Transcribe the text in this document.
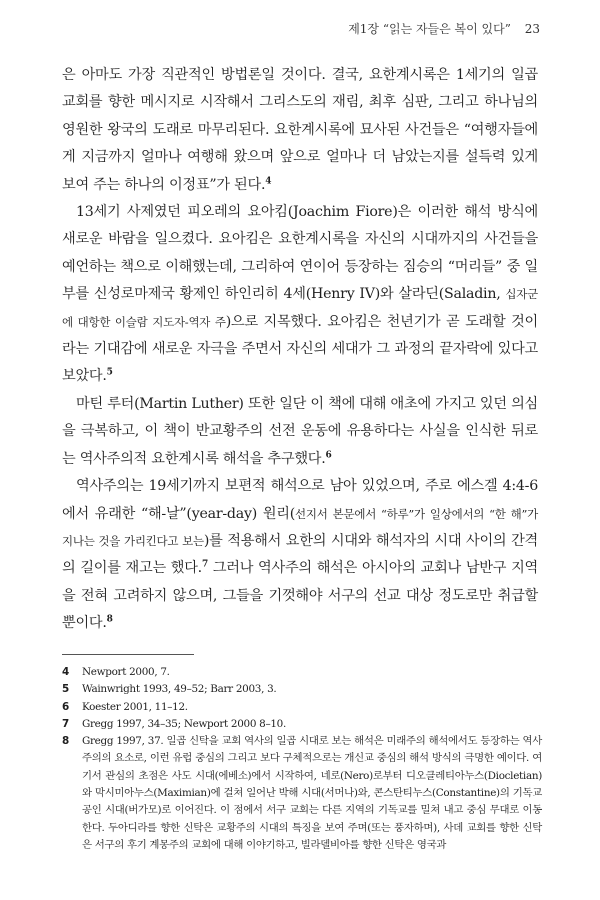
제1장 “읽는 자들은 복이 있다” 23

은 아마도 가장 직관적인 방법론일 것이다. 결국, 요한계시록은 1세기의 일곱 교회를 향한 메시지로 시작해서 그리스도의 재림, 최후 심판, 그리고 하나님의 영원한 왕국의 도래로 마무리된다. 요한계시록에 묘사된 사건들은 “여행자들에게 지금까지 얼마나 여행해 왔으며 앞으로 얼마나 더 남았는지를 설득력 있게 보여 주는 하나의 이정표”가 된다.$^4$

13세기 사제였던 피오레의 요아킴(Joachim Fiore)은 이러한 해석 방식에 새로운 바람을 일으켰다. 요아킴은 요한계시록을 자신의 시대까지의 사건들을 예언하는 책으로 이해했는데, 그리하여 연이어 등장하는 짐승의 “머리들” 중 일부를 신성로마제국 황제인 하인리히 4세(Henry IV)와 살라딘(Saladin, 십자군에 대항한 이슬람 지도자-역자 주)으로 지목했다. 요아킴은 천년기가 곧 도래할 것이라는 기대감에 새로운 자극을 주면서 자신의 세대가 그 과정의 끝자락에 있다고 보았다.$^5$

마틴 루터(Martin Luther) 또한 일단 이 책에 대해 애초에 가지고 있던 의심을 극복하고, 이 책이 반교황주의 선전 운동에 유용하다는 사실을 인식한 뒤로는 역사주의적 요한계시록 해석을 추구했다.$^6$

역사주의는 19세기까지 보편적 해석으로 남아 있었으며, 주로 에스겔 4:4-6에서 유래한 “해-날”(year-day) 원리(선지서 본문에서 “하루”가 일상에서의 “한 해”가 지나는 것을 가리킨다고 보는)를 적용해서 요한의 시대와 해석자의 시대 사이의 간격의 길이를 재고는 했다.$^7$ 그러나 역사주의 해석은 아시아의 교회나 남반구 지역을 전혀 고려하지 않으며, 그들을 기껏해야 서구의 선교 대상 정도로만 취급할 뿐이다.$^8$

4	Newport 2000, 7.
5	Wainwright 1993, 49–52; Barr 2003, 3.
6	Koester 2001, 11–12.
7	Gregg 1997, 34–35; Newport 2000 8–10.
8	Gregg 1997, 37. 일곱 신탁을 교회 역사의 일곱 시대로 보는 해석은 미래주의 해석에서도 등장하는 역사주의의 요소로, 이런 유럽 중심의 그리고 보다 구체적으로는 개신교 중심의 해석 방식의 극명한 예이다. 여기서 관심의 초점은 사도 시대(에베소)에서 시작하여, 네로(Nero)로부터 디오클레티아누스(Diocletian)와 막시미아누스(Maximian)에 걸쳐 일어난 박해 시대(서머나)와, 콘스탄티누스(Constantine)의 기독교 공인 시대(버가모)로 이어진다. 이 점에서 서구 교회는 다른 지역의 기독교를 밀쳐 내고 중심 무대로 이동한다. 두아디라를 향한 신탁은 교황주의 시대의 특징을 보여 주며(또는 풍자하며), 사데 교회를 향한 신탁은 서구의 후기 계몽주의 교회에 대해 이야기하고, 빌라델비아를 향한 신탁은 영국과
